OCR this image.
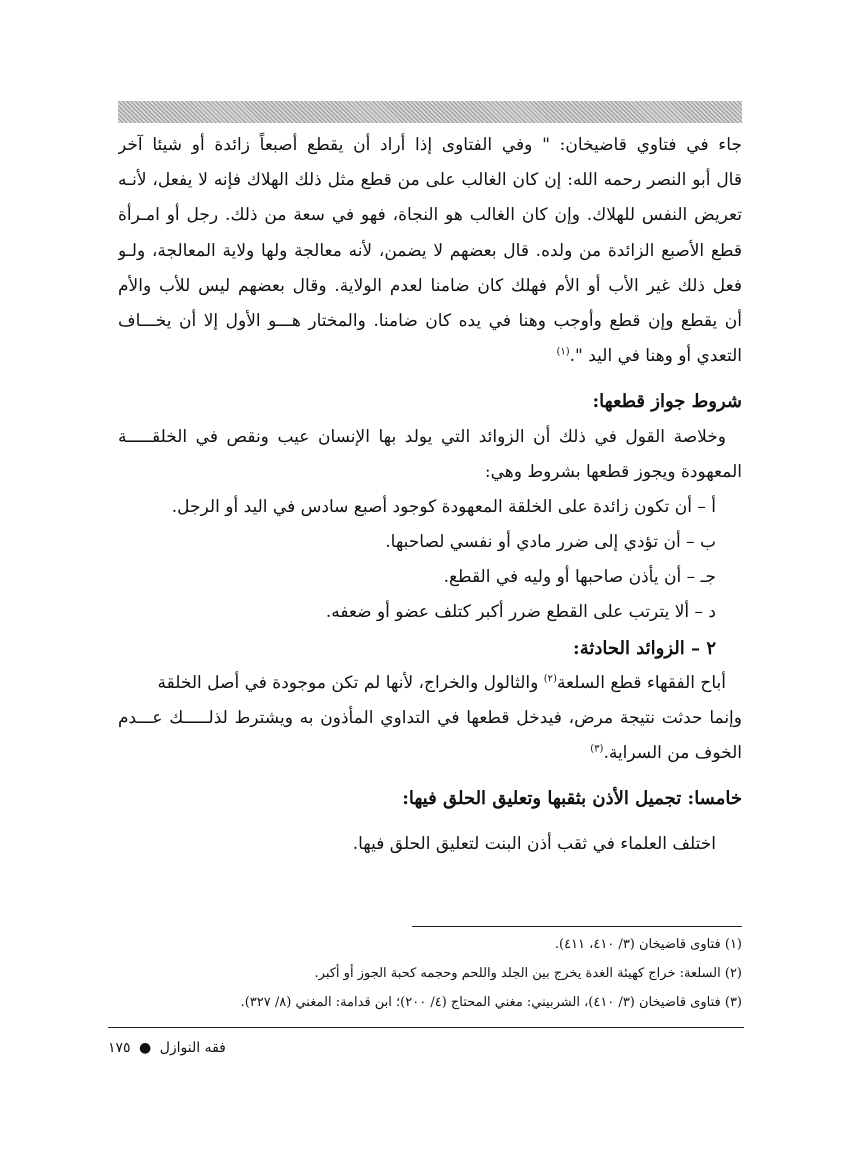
جاء في فتاوي قاضيخان: " وفي الفتاوى إذا أراد أن يقطع أصبعاً زائدة أو شيئا آخر
قال أبو النصر رحمه الله: إن كان الغالب على من قطع مثل ذلك الهلاك فإنه لا يفعل، لأنـه
تعريض النفس للهلاك. وإن كان الغالب هو النجاة، فهو في سعة من ذلك. رجل أو امـرأة
قطع الأصبع الزائدة من ولده. قال بعضهم لا يضمن، لأنه معالجة ولها ولاية المعالجة، ولـو
فعل ذلك غير الأب أو الأم فهلك كان ضامنا لعدم الولاية. وقال بعضهم ليس للأب والأم
أن يقطع وإن قطع وأوجب وهنا في يده كان ضامنا. والمختار هـــو الأول إلا أن يخـــاف
التعدي أو وهنا في اليد ".$^{(١)}$
شروط جواز قطعها:
وخلاصة القول في ذلك أن الزوائد التي يولد بها الإنسان عيب ونقص في الخلقـــــة
المعهودة ويجوز قطعها بشروط وهي:
أ – أن تكون زائدة على الخلقة المعهودة كوجود أصبع سادس في اليد أو الرجل.
ب – أن تؤدي إلى ضرر مادي أو نفسي لصاحبها.
جـ – أن يأذن صاحبها أو وليه في القطع.
د – ألا يترتب على القطع ضرر أكبر كتلف عضو أو ضعفه.
٢ – الزوائد الحادثة:
أباح الفقهاء قطع السلعة$^{(٢)}$ والثالول والخراج، لأنها لم تكن موجودة في أصل الخلقة
وإنما حدثت نتيجة مرض، فيدخل قطعها في التداوي المأذون به ويشترط لذلـــــك عـــدم
الخوف من السراية.$^{(٣)}$
خامسا: تجميل الأذن بثقبها وتعليق الحلق فيها:
اختلف العلماء في ثقب أذن البنت لتعليق الحلق فيها.
(١) فتاوى قاضيخان (٣/ ٤١٠، ٤١١).
(٢) السلعة: خراج كهيئة الغدة يخرج بين الجلد واللحم وحجمه كحبة الجوز أو أكبر.
(٣) فتاوى قاضيخان (٣/ ٤١٠)، الشربيني: مغني المحتاج (٤/ ٢٠٠)؛ ابن قدامة: المغني (٨/ ٣٢٧).
فقه النوازل ● ١٧٥
